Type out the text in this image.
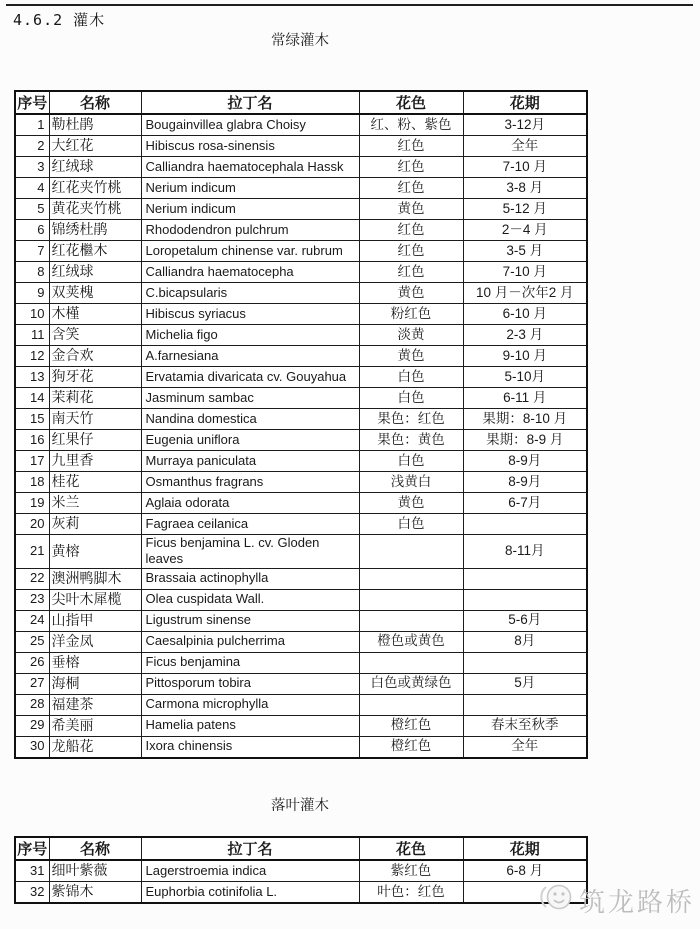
4.6.2 灌木
常绿灌木
序号	名称	拉丁名	花色	花期
1	勒杜鹃	Bougainvillea glabra Choisy	红、粉、紫色	3-12月
2	大红花	Hibiscus rosa-sinensis	红色	全年
3	红绒球	Calliandra haematocephala Hassk	红色	7-10 月
4	红花夹竹桃	Nerium indicum	红色	3-8 月
5	黄花夹竹桃	Nerium indicum	黄色	5-12 月
6	锦绣杜鹃	Rhododendron pulchrum	红色	2－4 月
7	红花檵木	Loropetalum chinense var. rubrum	红色	3-5 月
8	红绒球	Calliandra haematocepha	红色	7-10 月
9	双荚槐	C.bicapsularis	黄色	10 月－次年2 月
10	木槿	Hibiscus syriacus	粉红色	6-10 月
11	含笑	Michelia figo	淡黄	2-3 月
12	金合欢	A.farnesiana	黄色	9-10 月
13	狗牙花	Ervatamia divaricata cv. Gouyahua	白色	5-10月
14	茉莉花	Jasminum sambac	白色	6-11 月
15	南天竹	Nandina domestica	果色：红色	果期：8-10 月
16	红果仔	Eugenia uniflora	果色：黄色	果期：8-9 月
17	九里香	Murraya paniculata	白色	8-9月
18	桂花	Osmanthus fragrans	浅黄白	8-9月
19	米兰	Aglaia odorata	黄色	6-7月
20	灰莉	Fagraea ceilanica	白色	
21	黄榕	Ficus benjamina L. cv. Gloden leaves		8-11月
22	澳洲鸭脚木	Brassaia actinophylla		
23	尖叶木犀榄	Olea cuspidata Wall.		
24	山指甲	Ligustrum sinense		5-6月
25	洋金凤	Caesalpinia pulcherrima	橙色或黄色	8月
26	垂榕	Ficus benjamina		
27	海桐	Pittosporum tobira	白色或黄绿色	5月
28	福建茶	Carmona microphylla		
29	希美丽	Hamelia patens	橙红色	春末至秋季
30	龙船花	Ixora chinensis	橙红色	全年
落叶灌木
序号	名称	拉丁名	花色	花期
31	细叶紫薇	Lagerstroemia indica	紫红色	6-8 月
32	紫锦木	Euphorbia cotinifolia L.	叶色：红色		筑龙路桥
